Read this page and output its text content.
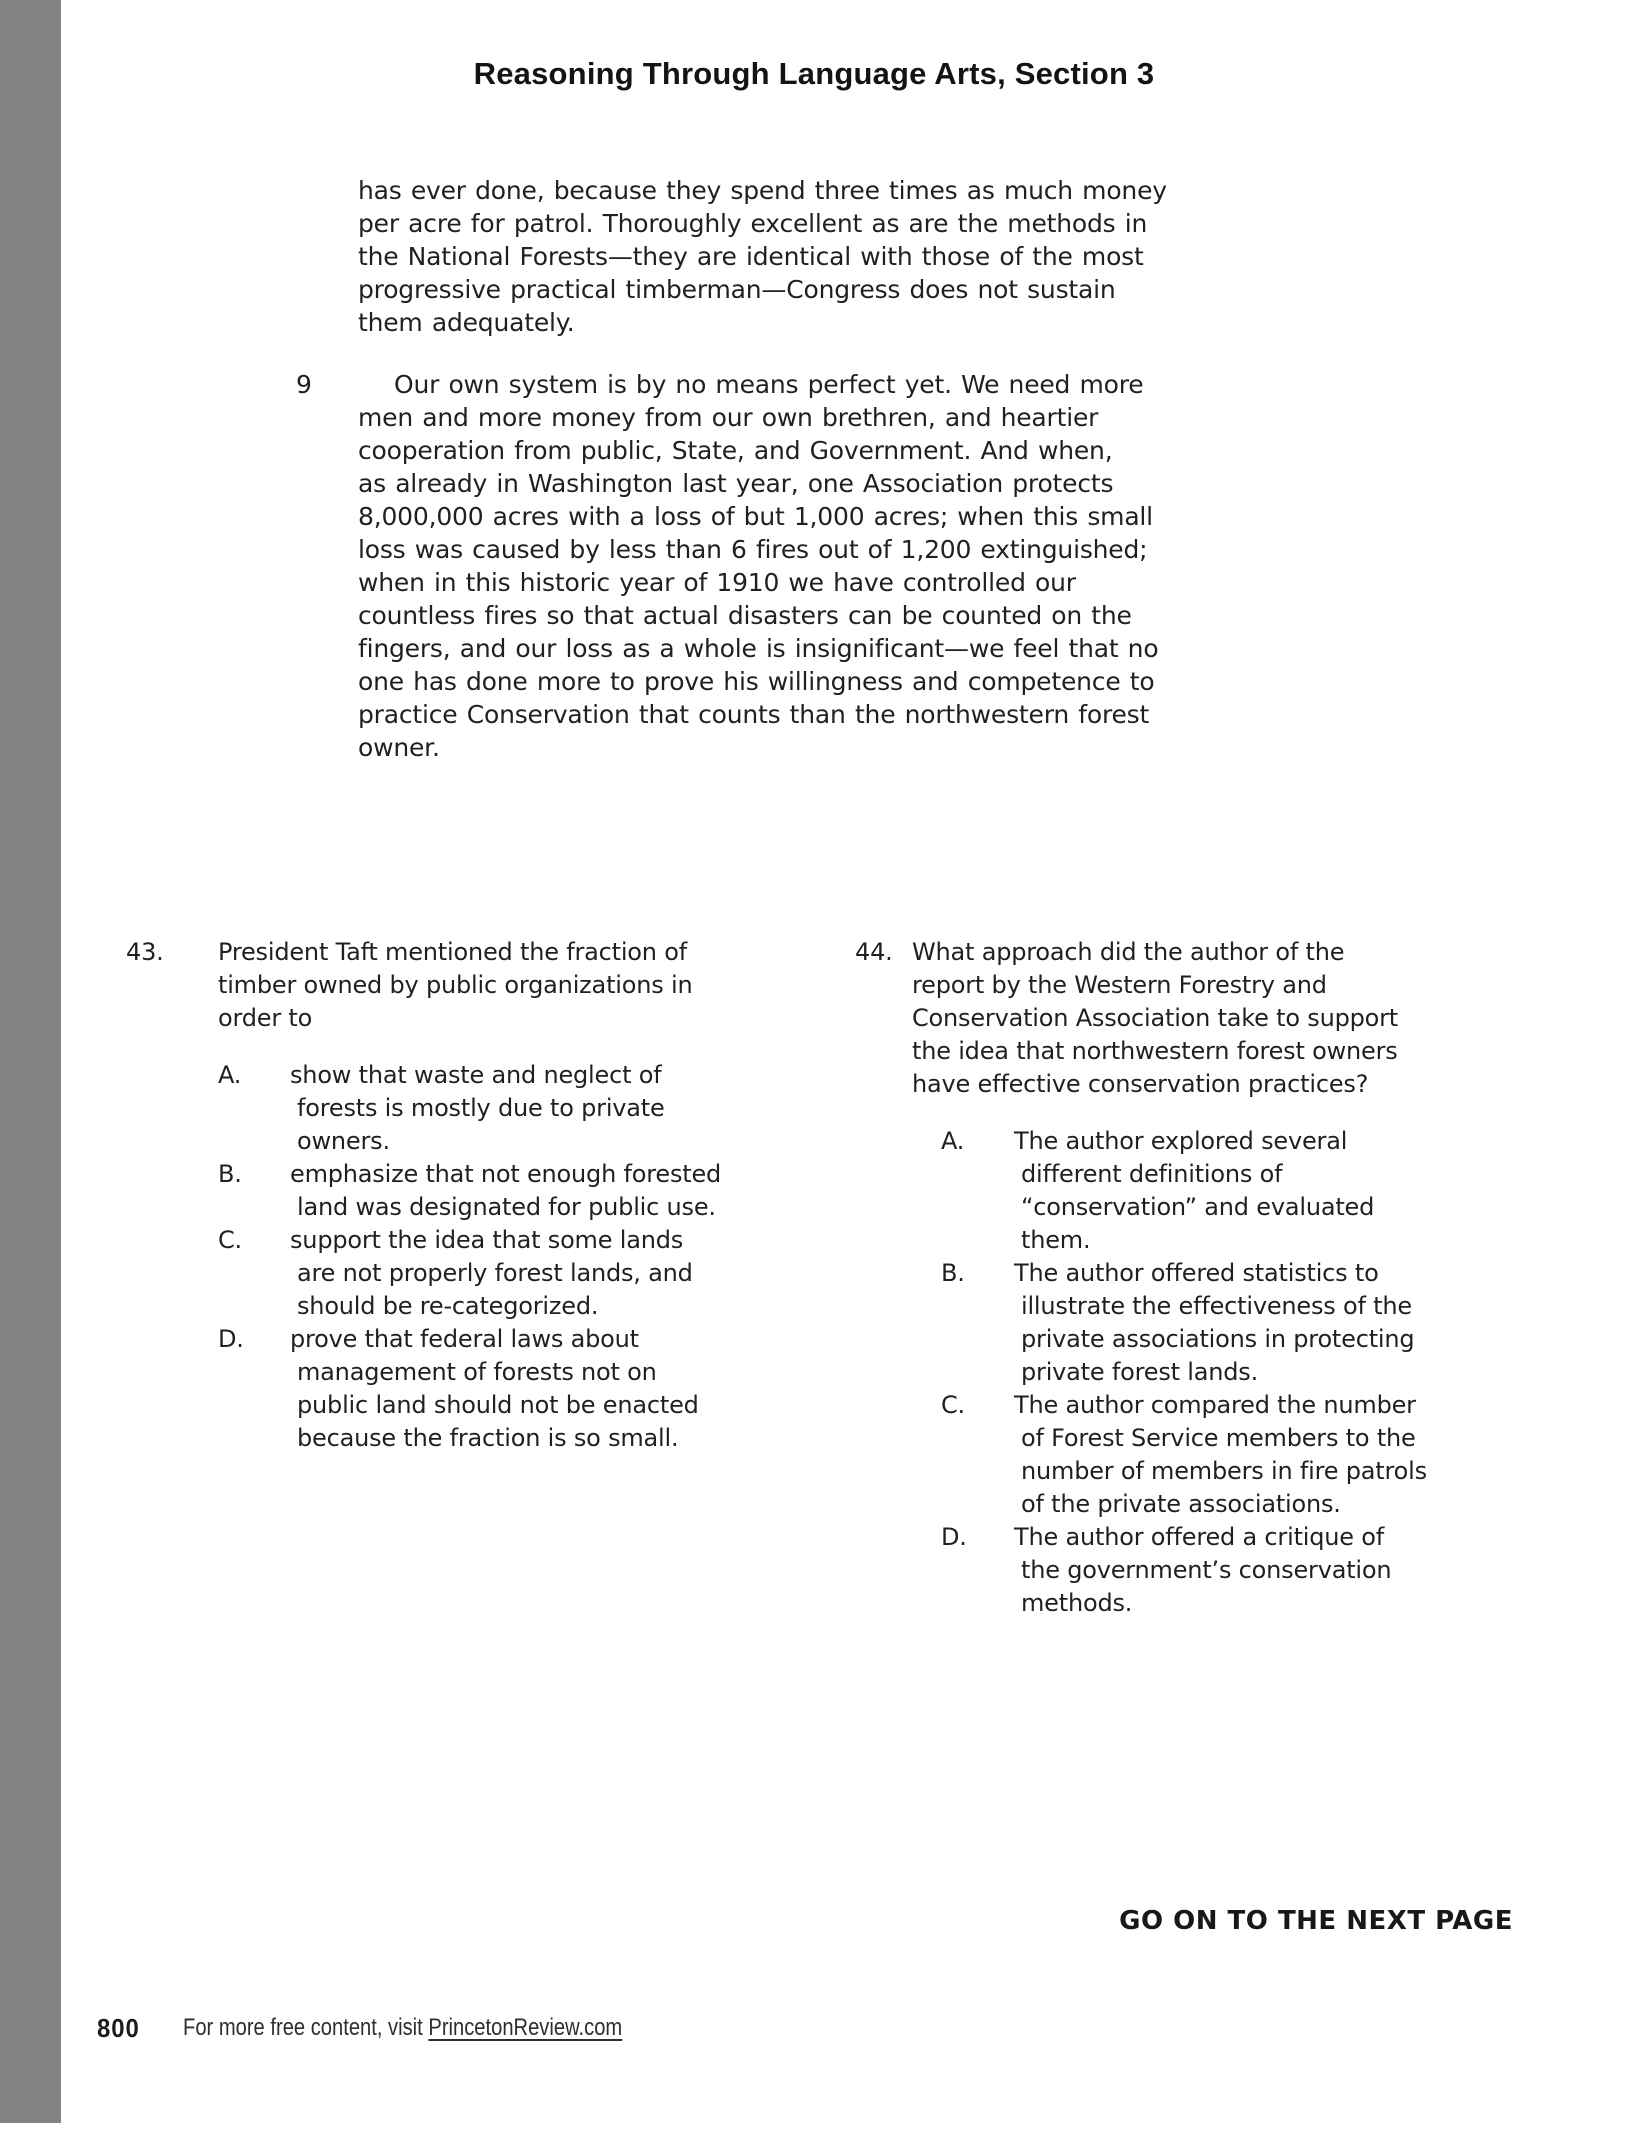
Reasoning Through Language Arts, Section 3
has ever done, because they spend three times as much money
per acre for patrol. Thoroughly excellent as are the methods in
the National Forests—they are identical with those of the most
progressive practical timberman—Congress does not sustain
them adequately.
9	Our own system is by no means perfect yet. We need more
men and more money from our own brethren, and heartier
cooperation from public, State, and Government. And when,
as already in Washington last year, one Association protects
8,000,000 acres with a loss of but 1,000 acres; when this small
loss was caused by less than 6 fires out of 1,200 extinguished;
when in this historic year of 1910 we have controlled our
countless fires so that actual disasters can be counted on the
fingers, and our loss as a whole is insignificant—we feel that no
one has done more to prove his willingness and competence to
practice Conservation that counts than the northwestern forest
owner.
43.	President Taft mentioned the fraction of
timber owned by public organizations in
order to
A.	show that waste and neglect of
forests is mostly due to private
owners.
B.	emphasize that not enough forested
land was designated for public use.
C.	support the idea that some lands
are not properly forest lands, and
should be re-categorized.
D.	prove that federal laws about
management of forests not on
public land should not be enacted
because the fraction is so small.
44. What approach did the author of the
report by the Western Forestry and
Conservation Association take to support
the idea that northwestern forest owners
have effective conservation practices?
A.	The author explored several
different definitions of
“conservation” and evaluated
them.
B.	The author offered statistics to
illustrate the effectiveness of the
private associations in protecting
private forest lands.
C.	The author compared the number
of Forest Service members to the
number of members in fire patrols
of the private associations.
D.	The author offered a critique of
the government’s conservation
methods.
GO ON TO THE NEXT PAGE
800 For more free content, visit PrincetonReview.com
